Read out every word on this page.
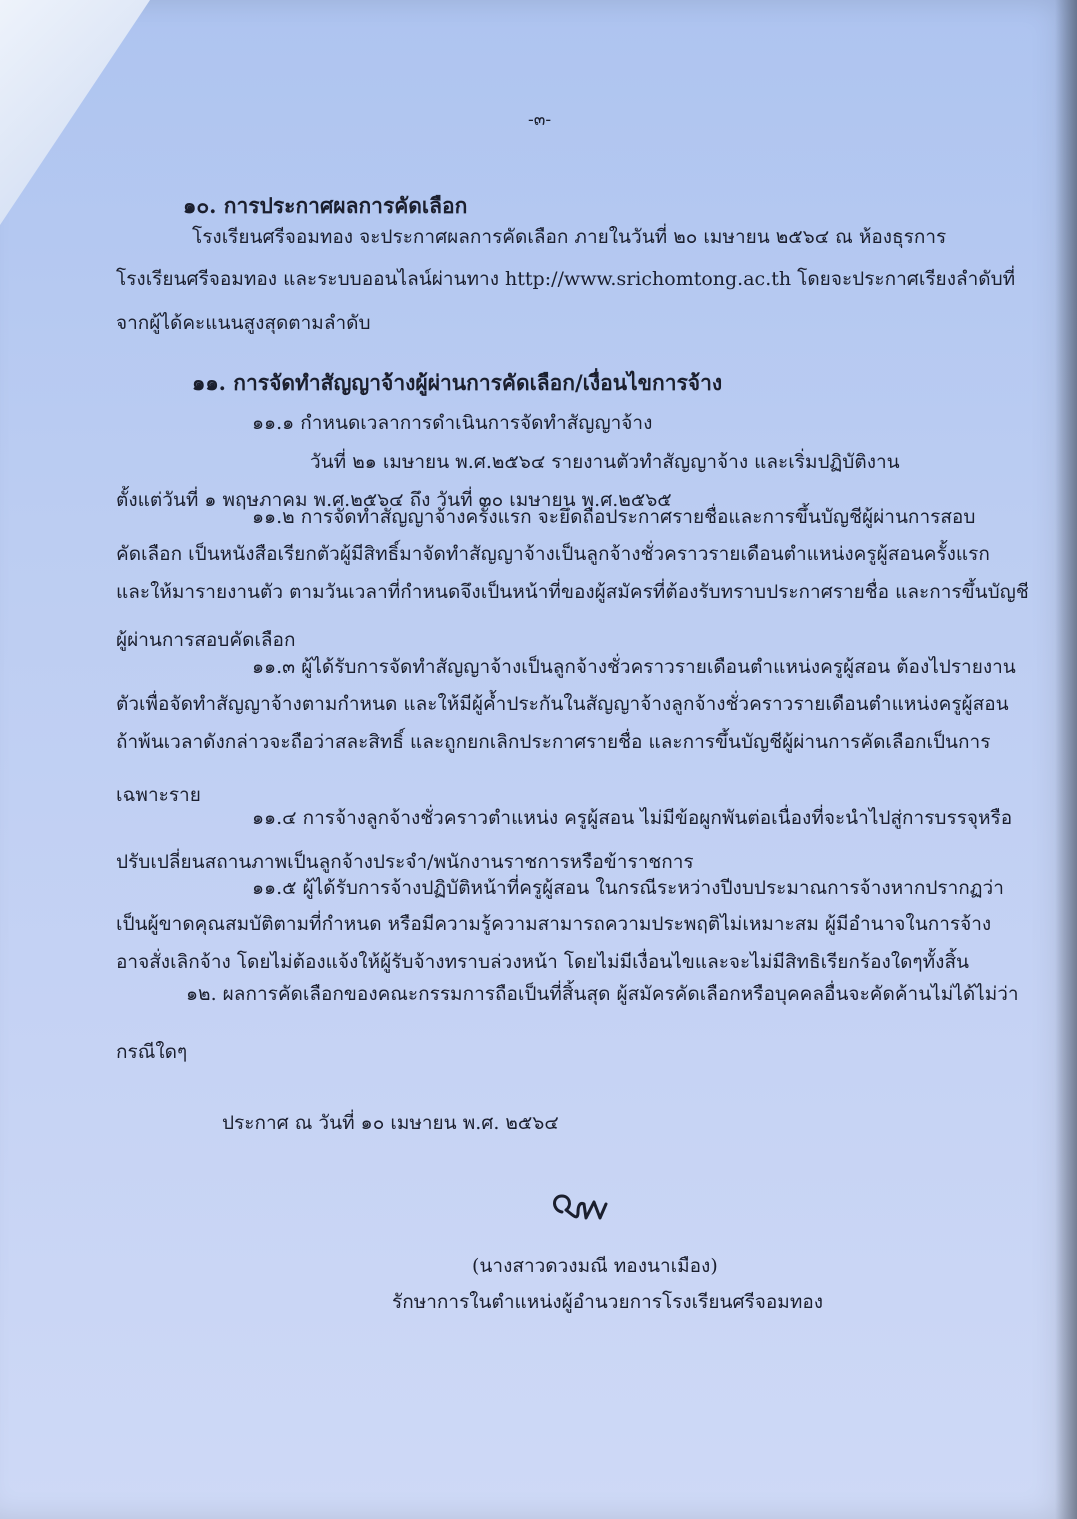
-๓-
๑๐. การประกาศผลการคัดเลือก
โรงเรียนศรีจอมทอง จะประกาศผลการคัดเลือก ภายในวันที่ ๒๐ เมษายน ๒๕๖๔ ณ ห้องธุรการ
โรงเรียนศรีจอมทอง และระบบออนไลน์ผ่านทาง http://www.srichomtong.ac.th โดยจะประกาศเรียงลำดับที่
จากผู้ได้คะแนนสูงสุดตามลำดับ
๑๑. การจัดทำสัญญาจ้างผู้ผ่านการคัดเลือก/เงื่อนไขการจ้าง
๑๑.๑ กำหนดเวลาการดำเนินการจัดทำสัญญาจ้าง
วันที่ ๒๑ เมษายน พ.ศ.๒๕๖๔ รายงานตัวทำสัญญาจ้าง และเริ่มปฏิบัติงาน
ตั้งแต่วันที่ ๑ พฤษภาคม พ.ศ.๒๕๖๔ ถึง วันที่ ๓๐ เมษายน พ.ศ.๒๕๖๕
๑๑.๒ การจัดทำสัญญาจ้างครั้งแรก จะยึดถือประกาศรายชื่อและการขึ้นบัญชีผู้ผ่านการสอบ
คัดเลือก เป็นหนังสือเรียกตัวผู้มีสิทธิ์มาจัดทำสัญญาจ้างเป็นลูกจ้างชั่วคราวรายเดือนตำแหน่งครูผู้สอนครั้งแรก
และให้มารายงานตัว ตามวันเวลาที่กำหนดจึงเป็นหน้าที่ของผู้สมัครที่ต้องรับทราบประกาศรายชื่อ และการขึ้นบัญชี
ผู้ผ่านการสอบคัดเลือก
๑๑.๓ ผู้ได้รับการจัดทำสัญญาจ้างเป็นลูกจ้างชั่วคราวรายเดือนตำแหน่งครูผู้สอน ต้องไปรายงาน
ตัวเพื่อจัดทำสัญญาจ้างตามกำหนด และให้มีผู้ค้ำประกันในสัญญาจ้างลูกจ้างชั่วคราวรายเดือนตำแหน่งครูผู้สอน
ถ้าพ้นเวลาดังกล่าวจะถือว่าสละสิทธิ์ และถูกยกเลิกประกาศรายชื่อ และการขึ้นบัญชีผู้ผ่านการคัดเลือกเป็นการ
เฉพาะราย
๑๑.๔ การจ้างลูกจ้างชั่วคราวตำแหน่ง ครูผู้สอน ไม่มีข้อผูกพันต่อเนื่องที่จะนำไปสู่การบรรจุหรือ
ปรับเปลี่ยนสถานภาพเป็นลูกจ้างประจำ/พนักงานราชการหรือข้าราชการ
๑๑.๕ ผู้ได้รับการจ้างปฏิบัติหน้าที่ครูผู้สอน ในกรณีระหว่างปีงบประมาณการจ้างหากปรากฏว่า
เป็นผู้ขาดคุณสมบัติตามที่กำหนด หรือมีความรู้ความสามารถความประพฤติไม่เหมาะสม ผู้มีอำนาจในการจ้าง
อาจสั่งเลิกจ้าง โดยไม่ต้องแจ้งให้ผู้รับจ้างทราบล่วงหน้า โดยไม่มีเงื่อนไขและจะไม่มีสิทธิเรียกร้องใดๆทั้งสิ้น
๑๒. ผลการคัดเลือกของคณะกรรมการถือเป็นที่สิ้นสุด ผู้สมัครคัดเลือกหรือบุคคลอื่นจะคัดค้านไม่ได้ไม่ว่า
กรณีใดๆ
ประกาศ ณ วันที่ ๑๐ เมษายน พ.ศ. ๒๕๖๔
(นางสาวดวงมณี ทองนาเมือง)
รักษาการในตำแหน่งผู้อำนวยการโรงเรียนศรีจอมทอง
